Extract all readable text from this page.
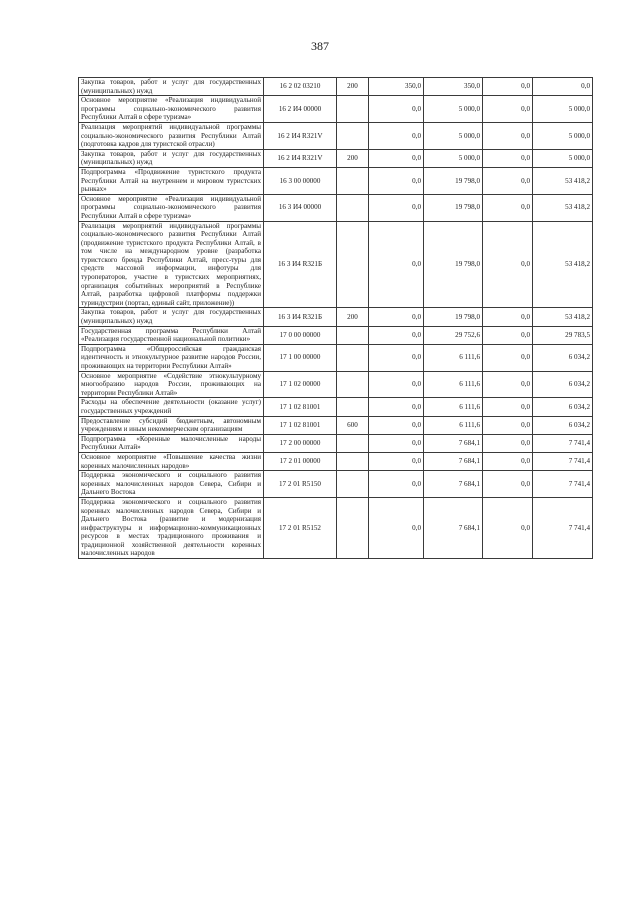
387
Закупка товаров, работ и услуг для государственных (муниципальных) нужд	16 2 02 03210	200	350,0	350,0	0,0	0,0
Основное мероприятие «Реализация индивидуальной программы социально-экономического развития Республики Алтай в сфере туризма»	16 2 И4 00000		0,0	5 000,0	0,0	5 000,0
Реализация мероприятий индивидуальной программы социально-экономического развития Республики Алтай (подготовка кадров для туристской отрасли)	16 2 И4 R321V		0,0	5 000,0	0,0	5 000,0
Закупка товаров, работ и услуг для государственных (муниципальных) нужд	16 2 И4 R321V	200	0,0	5 000,0	0,0	5 000,0
Подпрограмма «Продвижение туристского продукта Республики Алтай на внутреннем и мировом туристских рынках»	16 3 00 00000		0,0	19 798,0	0,0	53 418,2
Основное мероприятие «Реализация индивидуальной программы социально-экономического развития Республики Алтай в сфере туризма»	16 3 И4 00000		0,0	19 798,0	0,0	53 418,2
Реализация мероприятий индивидуальной программы социально-экономического развития Республики Алтай (продвижение туристского продукта Республики Алтай, в том числе на международном уровне (разработка туристского бренда Республики Алтай, пресс-туры для средств массовой информации, инфотуры для туроператоров, участие в туристских мероприятиях, организация событийных мероприятий в Республике Алтай, разработка цифровой платформы поддержки туриндустрии (портал, единый сайт, приложение))	16 3 И4 R321Б		0,0	19 798,0	0,0	53 418,2
Закупка товаров, работ и услуг для государственных (муниципальных) нужд	16 3 И4 R321Б	200	0,0	19 798,0	0,0	53 418,2
Государственная программа Республики Алтай «Реализация государственной национальной политики»	17 0 00 00000		0,0	29 752,6	0,0	29 783,5
Подпрограмма «Общероссийская гражданская идентичность и этнокультурное развитие народов России, проживающих на территории Республики Алтай»	17 1 00 00000		0,0	6 111,6	0,0	6 034,2
Основное мероприятие «Содействие этнокультурному многообразию народов России, проживающих на территории Республики Алтай»	17 1 02 00000		0,0	6 111,6	0,0	6 034,2
Расходы на обеспечение деятельности (оказание услуг) государственных учреждений	17 1 02 81001		0,0	6 111,6	0,0	6 034,2
Предоставление субсидий бюджетным, автономным учреждениям и иным некоммерческим организациям	17 1 02 81001	600	0,0	6 111,6	0,0	6 034,2
Подпрограмма «Коренные малочисленные народы Республики Алтай»	17 2 00 00000		0,0	7 684,1	0,0	7 741,4
Основное мероприятие «Повышение качества жизни коренных малочисленных народов»	17 2 01 00000		0,0	7 684,1	0,0	7 741,4
Поддержка экономического и социального развития коренных малочисленных народов Севера, Сибири и Дальнего Востока	17 2 01 R5150		0,0	7 684,1	0,0	7 741,4
Поддержка экономического и социального развития коренных малочисленных народов Севера, Сибири и Дальнего Востока (развитие и модернизация инфраструктуры и информационно-коммуникационных ресурсов в местах традиционного проживания и традиционной хозяйственной деятельности коренных малочисленных народов	17 2 01 R5152		0,0	7 684,1	0,0	7 741,4
